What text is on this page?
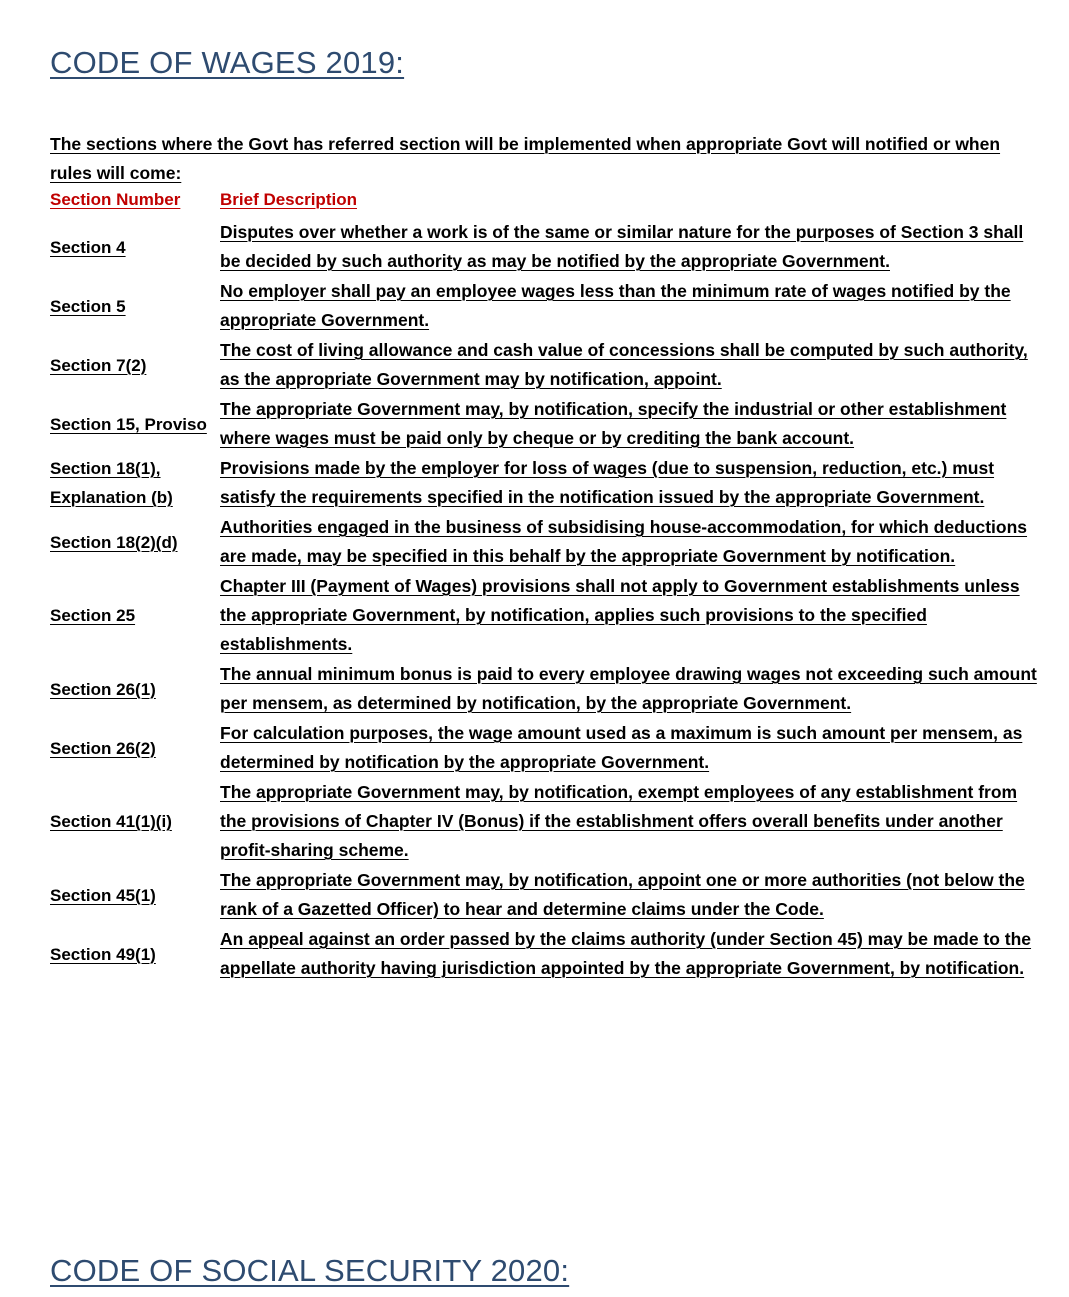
CODE OF WAGES 2019:

The sections where the Govt has referred section will be implemented when appropriate Govt will notified or when rules will come:

Section Number	Brief Description
Section 4
Disputes over whether a work is of the same or similar nature for the purposes of Section 3 shall be decided by such authority as may be notified by the appropriate Government.
Section 5
No employer shall pay an employee wages less than the minimum rate of wages notified by the appropriate Government.
Section 7(2)
The cost of living allowance and cash value of concessions shall be computed by such authority, as the appropriate Government may by notification, appoint.
Section 15, Proviso
The appropriate Government may, by notification, specify the industrial or other establishment where wages must be paid only by cheque or by crediting the bank account.
Section 18(1), Explanation (b)
Provisions made by the employer for loss of wages (due to suspension, reduction, etc.) must satisfy the requirements specified in the notification issued by the appropriate Government.
Section 18(2)(d)
Authorities engaged in the business of subsidising house-accommodation, for which deductions are made, may be specified in this behalf by the appropriate Government by notification.
Section 25
Chapter III (Payment of Wages) provisions shall not apply to Government establishments unless the appropriate Government, by notification, applies such provisions to the specified establishments.
Section 26(1)
The annual minimum bonus is paid to every employee drawing wages not exceeding such amount per mensem, as determined by notification, by the appropriate Government.
Section 26(2)
For calculation purposes, the wage amount used as a maximum is such amount per mensem, as determined by notification by the appropriate Government.
Section 41(1)(i)
The appropriate Government may, by notification, exempt employees of any establishment from the provisions of Chapter IV (Bonus) if the establishment offers overall benefits under another profit-sharing scheme.
Section 45(1)
The appropriate Government may, by notification, appoint one or more authorities (not below the rank of a Gazetted Officer) to hear and determine claims under the Code.
Section 49(1)
An appeal against an order passed by the claims authority (under Section 45) may be made to the appellate authority having jurisdiction appointed by the appropriate Government, by notification.
CODE OF SOCIAL SECURITY 2020:
